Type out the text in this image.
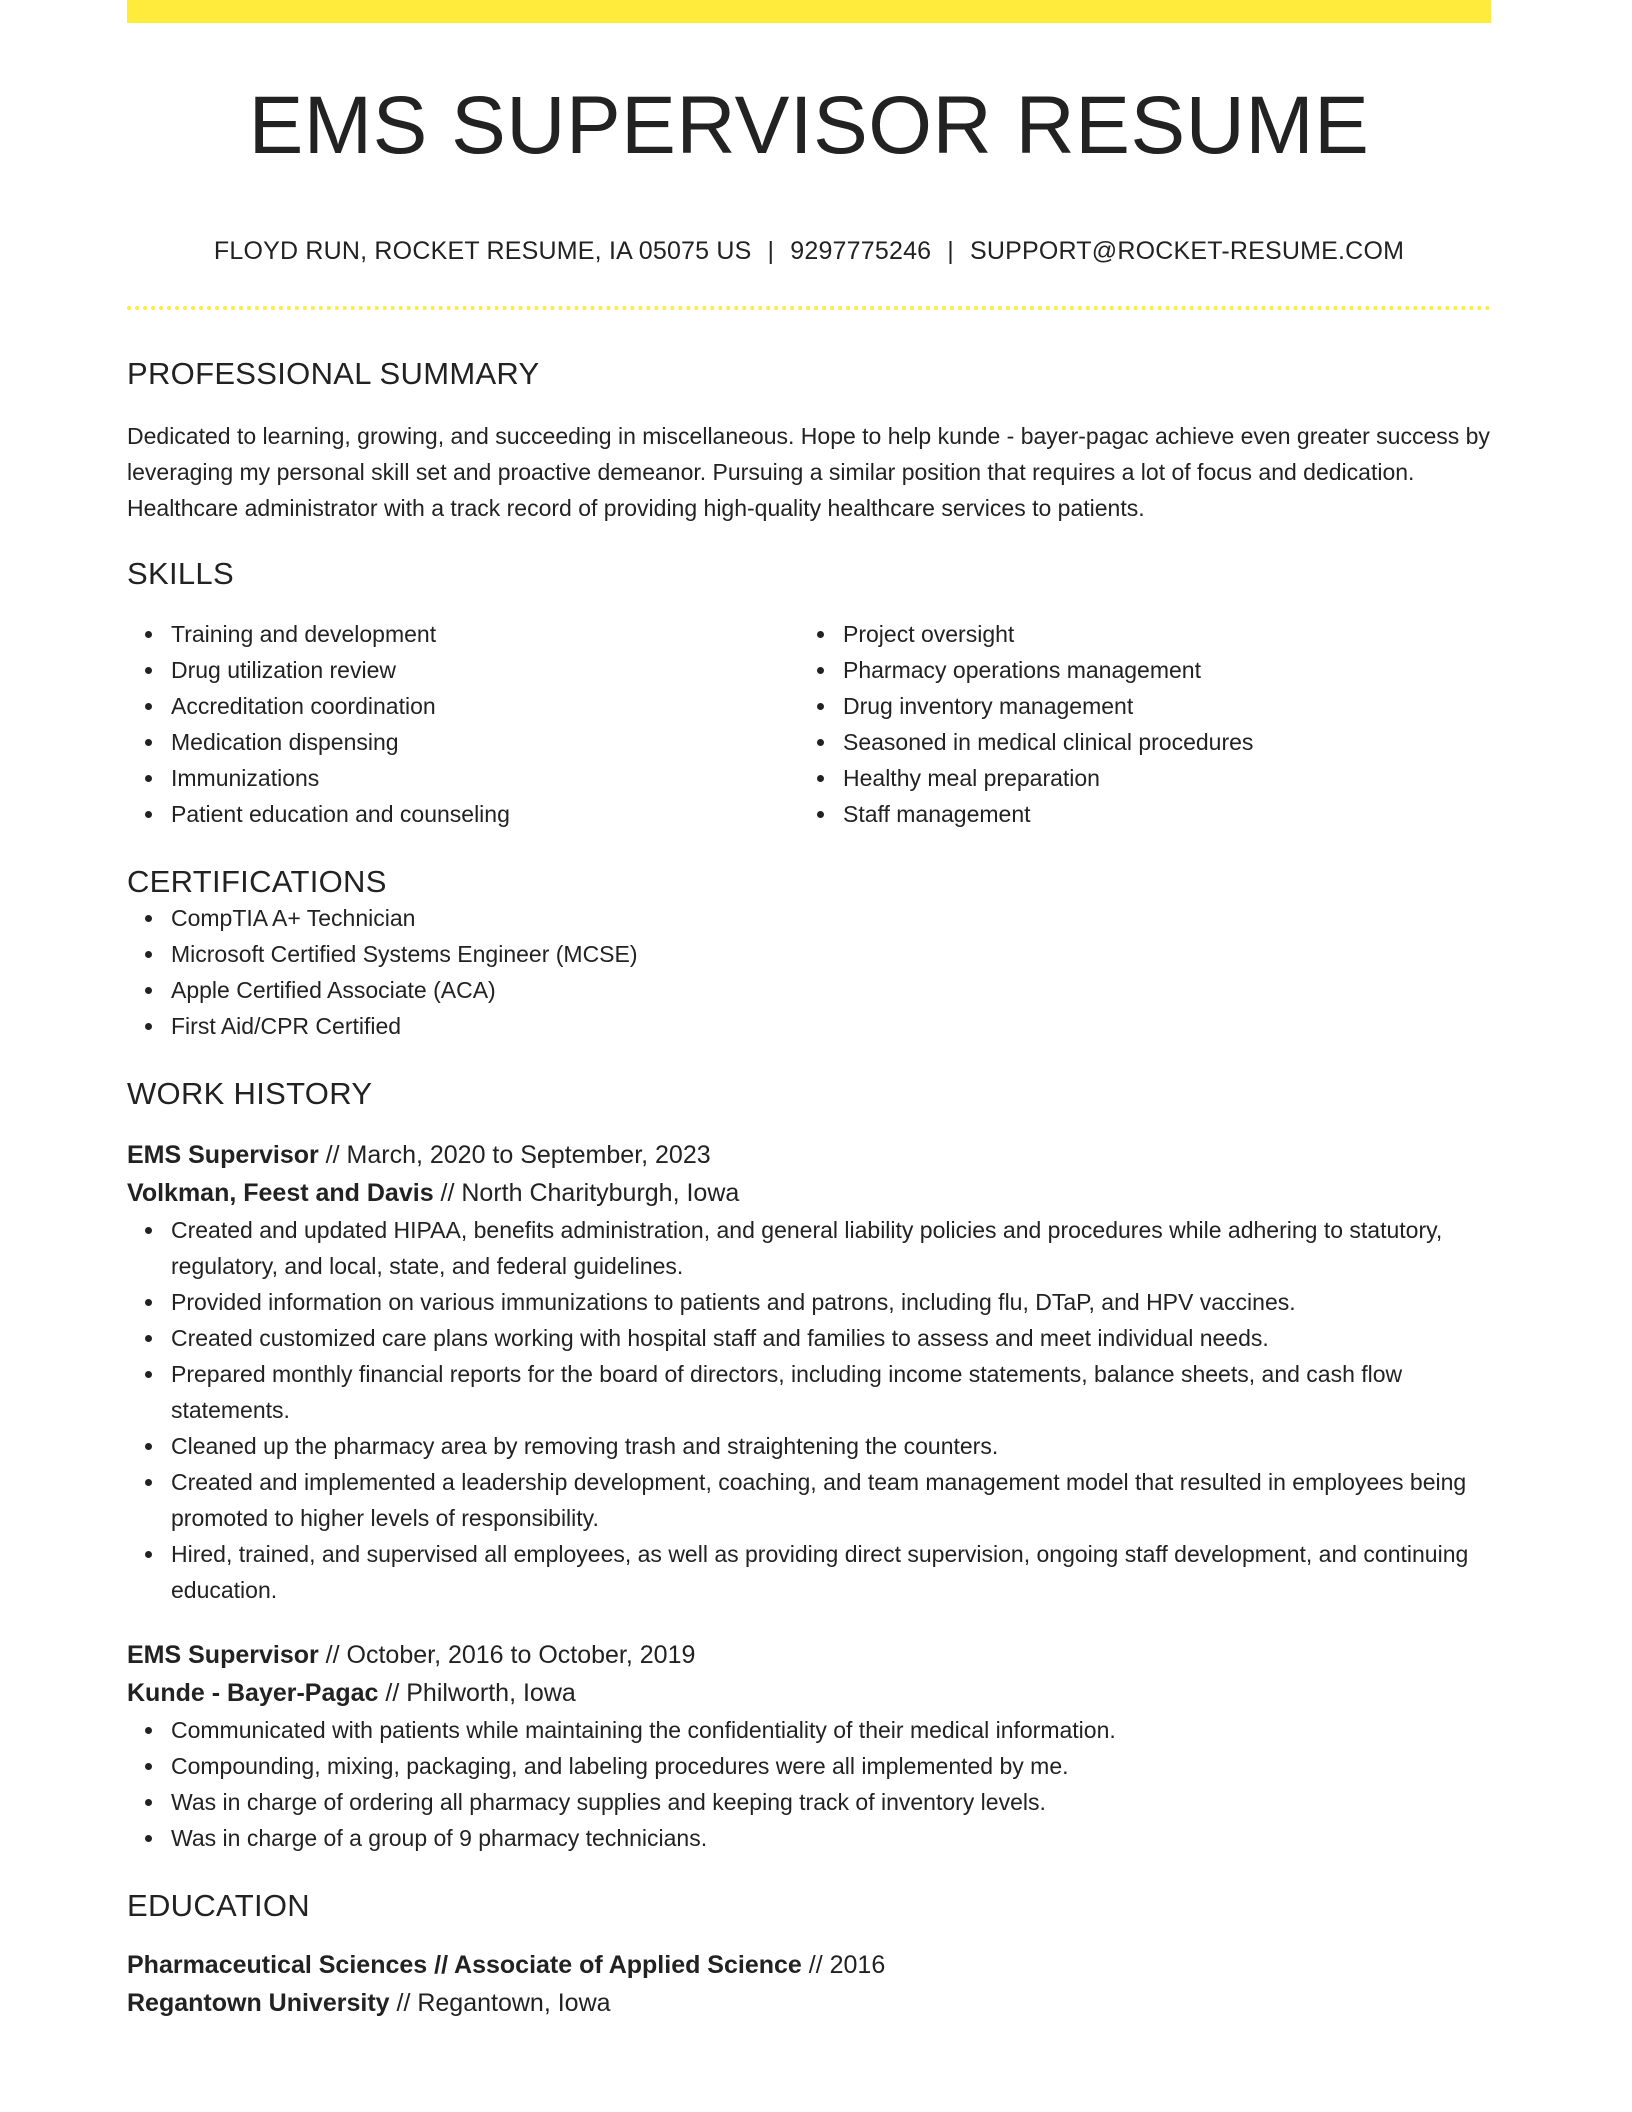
EMS SUPERVISOR RESUME
FLOYD RUN, ROCKET RESUME, IA 05075 US | 9297775246 | SUPPORT@ROCKET-RESUME.COM
PROFESSIONAL SUMMARY
Dedicated to learning, growing, and succeeding in miscellaneous. Hope to help kunde - bayer-pagac achieve even greater success by leveraging my personal skill set and proactive demeanor. Pursuing a similar position that requires a lot of focus and dedication. Healthcare administrator with a track record of providing high-quality healthcare services to patients.
SKILLS
Training and development
Drug utilization review
Accreditation coordination
Medication dispensing
Immunizations
Patient education and counseling
Project oversight
Pharmacy operations management
Drug inventory management
Seasoned in medical clinical procedures
Healthy meal preparation
Staff management
CERTIFICATIONS
CompTIA A+ Technician
Microsoft Certified Systems Engineer (MCSE)
Apple Certified Associate (ACA)
First Aid/CPR Certified
WORK HISTORY
EMS Supervisor // March, 2020 to September, 2023
Volkman, Feest and Davis // North Charityburgh, Iowa
Created and updated HIPAA, benefits administration, and general liability policies and procedures while adhering to statutory, regulatory, and local, state, and federal guidelines.
Provided information on various immunizations to patients and patrons, including flu, DTaP, and HPV vaccines.
Created customized care plans working with hospital staff and families to assess and meet individual needs.
Prepared monthly financial reports for the board of directors, including income statements, balance sheets, and cash flow statements.
Cleaned up the pharmacy area by removing trash and straightening the counters.
Created and implemented a leadership development, coaching, and team management model that resulted in employees being promoted to higher levels of responsibility.
Hired, trained, and supervised all employees, as well as providing direct supervision, ongoing staff development, and continuing education.
EMS Supervisor // October, 2016 to October, 2019
Kunde - Bayer-Pagac // Philworth, Iowa
Communicated with patients while maintaining the confidentiality of their medical information.
Compounding, mixing, packaging, and labeling procedures were all implemented by me.
Was in charge of ordering all pharmacy supplies and keeping track of inventory levels.
Was in charge of a group of 9 pharmacy technicians.
EDUCATION
Pharmaceutical Sciences // Associate of Applied Science // 2016
Regantown University // Regantown, Iowa
